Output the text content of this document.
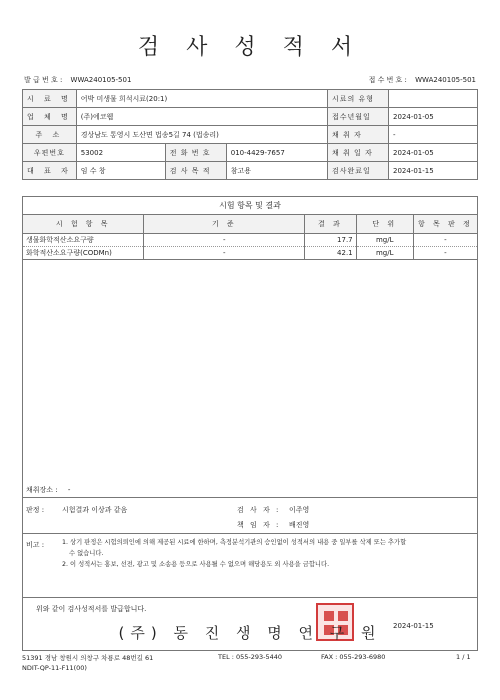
검 사 성 적 서
발 급 번 호 : WWA240105-501	접 수 번 호 : WWA240105-501
시 료 명	어박 미생물 희석시료(20:1)			시료의 유형	
업 체 명	(주)에코웹			접수년월일	2024-01-05
주 소	경상남도 통영시 도산면 법송5길 74 (법송리)			채 취 자	-
우편번호	53002	전 화 번 호	010-4429-7657	채 취 일 자	2024-01-05
대 표 자	임 수 창	검 사 목 적	참고용	검사완료일	2024-01-15
시험 항목 및 결과
시 험 항 목	기 준	결 과	단 위	항 목 판 정
생물화학적산소요구량	-	17.7	mg/L	-
화학적산소요구량(CODMn)	-	42.1	mg/L	-
채취장소 : -
판정 :	시험결과 이상과 같음	검 사 자 : 이주영
책 임 자 : 배진영
비고 :	1. 상기 판정은 시험의뢰인에 의해 제공된 시료에 한하며, 측정분석기관의 승인없이 성적서의 내용 중 일부를 삭제 또는 추가할
수 없습니다.
2. 이 성적서는 홍보, 선전, 광고 및 소송용 등으로 사용될 수 없으며 해당용도 외 사용을 금합니다.
위와 같이 검사성적서를 발급합니다.
2024-01-15
(주) 동 진 생 명 연 구 원
51391 경남 창원시 의창구 차룡로 48번길 61	TEL : 055-293-5440	FAX : 055-293-6980	1 / 1
NDIT-QP-11-F11(00)
